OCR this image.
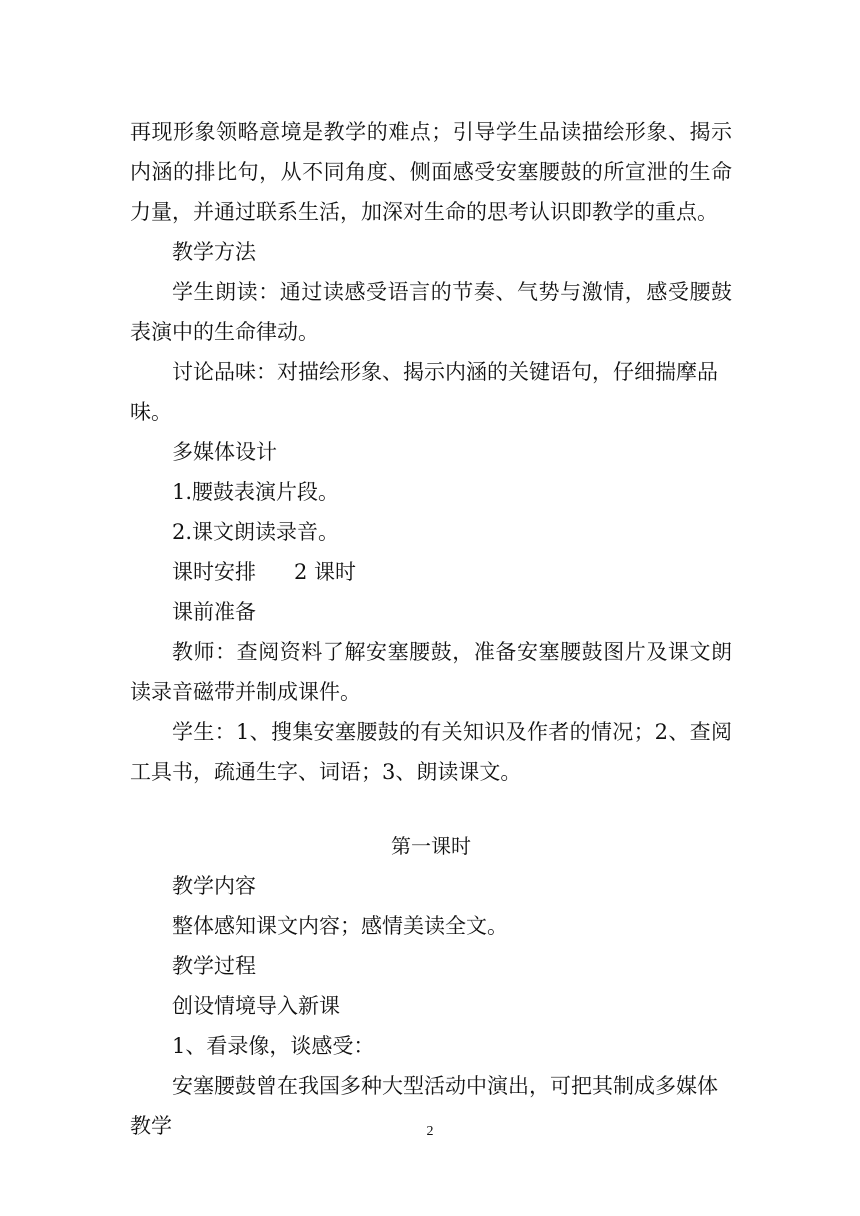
再现形象领略意境是教学的难点；引导学生品读描绘形象、揭示内涵的排比句，从不同角度、侧面感受安塞腰鼓的所宣泄的生命力量，并通过联系生活，加深对生命的思考认识即教学的重点。

教学方法

学生朗读：通过读感受语言的节奏、气势与激情，感受腰鼓表演中的生命律动。

讨论品味：对描绘形象、揭示内涵的关键语句，仔细揣摩品味。

多媒体设计

1.腰鼓表演片段。

2.课文朗读录音。

课时安排 2 课时

课前准备

教师：查阅资料了解安塞腰鼓，准备安塞腰鼓图片及课文朗读录音磁带并制成课件。

学生：1、搜集安塞腰鼓的有关知识及作者的情况；2、查阅工具书，疏通生字、词语；3、朗读课文。

第一课时

教学内容

整体感知课文内容；感情美读全文。

教学过程

创设情境导入新课

1、看录像，谈感受：

安塞腰鼓曾在我国多种大型活动中演出，可把其制成多媒体教学	2
